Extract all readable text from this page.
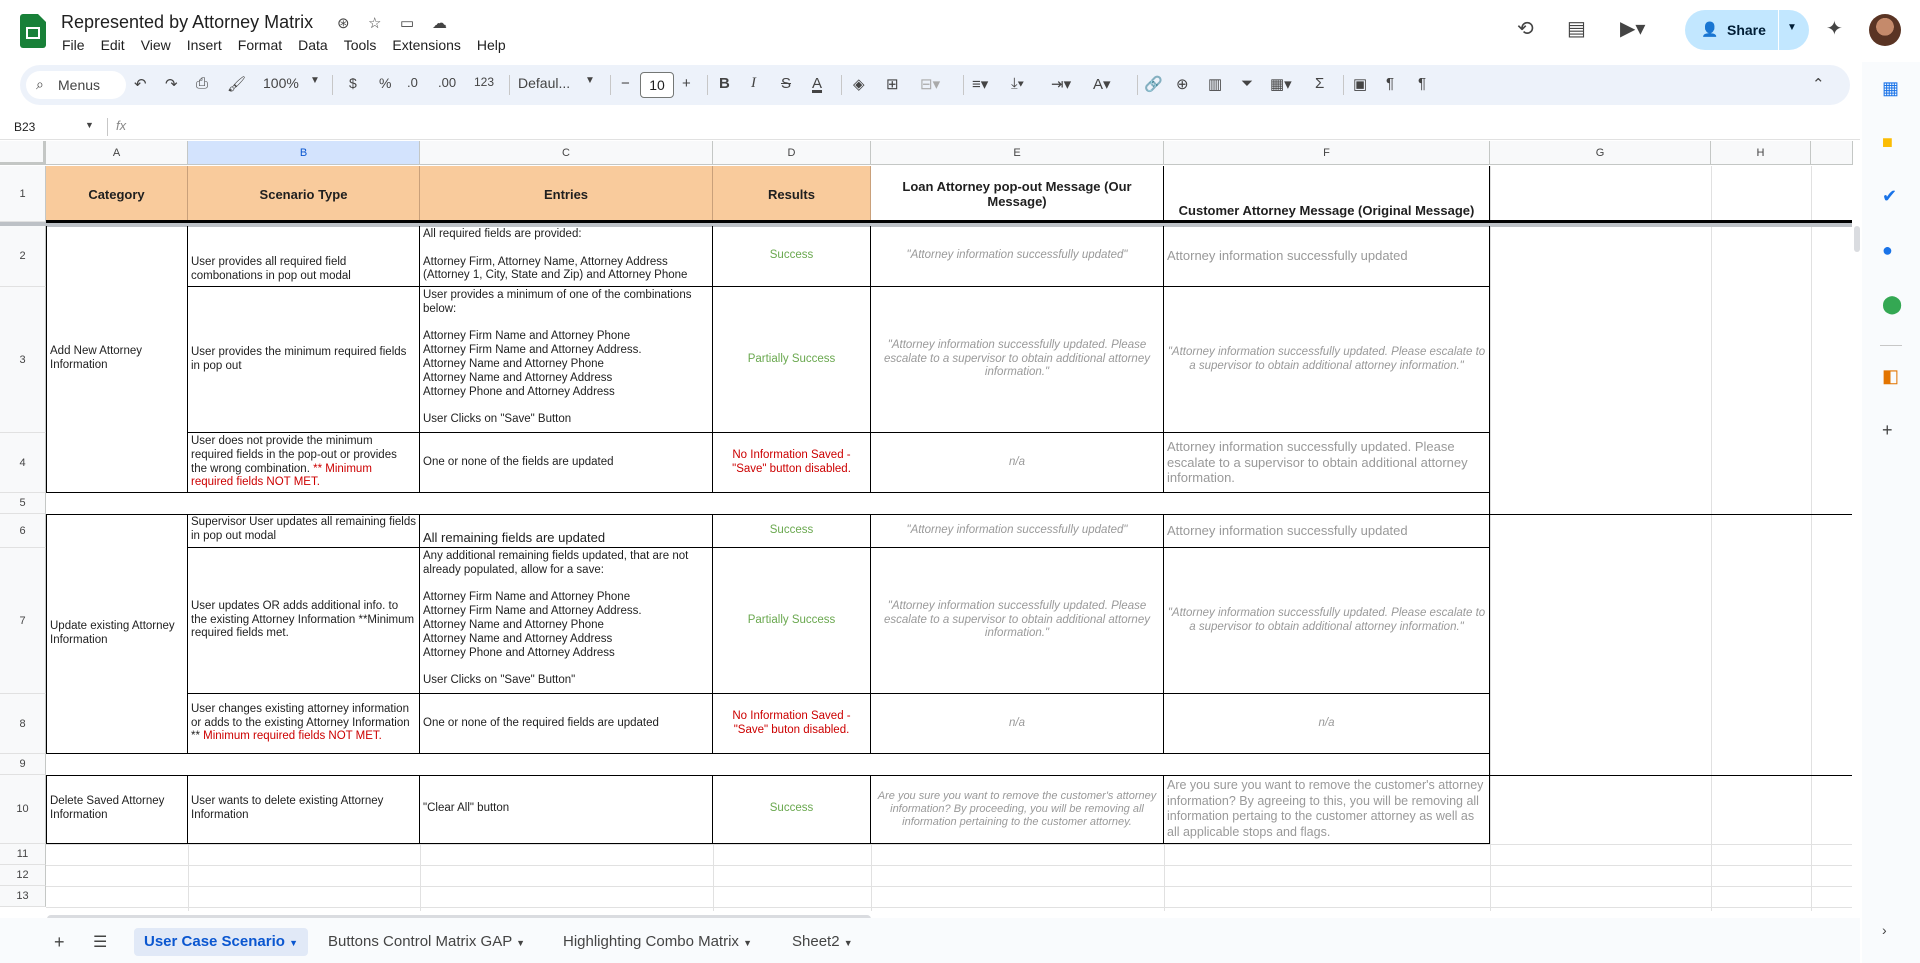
Represented by Attorney Matrix ⊛ ☆ ▭ ☁
File	Edit	View	Insert	Format	Data	Tools	Extensions	Help
⟲ ▤ ▶▾	👤 Share ▼ ✦
⌕ Menus ↶ ↷ ⎙ 🖌 100% ▼ $ % .0 .00 123 Defaul... ▼ −	10	+ B I S A ◈ ⊞ ⊟▾ ≡▾ ⤓▾ ⇥▾ A▾ 🔗 ⊕ ▥ ⏷ ▦▾ Σ ▣ ¶ ¶	⌃
B23	▼ fx
A	B	C	D	E	F	G	H
1
2
3
4
5
6
7
8
9
10
11
12
13
Category	Scenario Type	Entries	Results	Loan Attorney pop-out Message (Our Message)
Customer Attorney Message (Original Message)
Add New Attorney Information
Update existing Attorney Information
Delete Saved Attorney Information
User provides all required field combonations in pop out modal
All required fields are provided:

Attorney Firm, Attorney Name, Attorney Address (Attorney 1, City, State and Zip) and Attorney Phone
Success	"Attorney information successfully updated"	Attorney information successfully updated
User provides the minimum required fields in pop out
User provides a minimum of one of the combinations below:

Attorney Firm Name and Attorney Phone
Attorney Firm Name and Attorney Address.
Attorney Name and Attorney Phone
Attorney Name and Attorney Address
Attorney Phone and Attorney Address

User Clicks on "Save" Button
Partially Success
"Attorney information successfully updated. Please escalate to a supervisor to obtain additional attorney information."
"Attorney information successfully updated. Please escalate to a supervisor to obtain additional attorney information."
User does not provide the minimum required fields in the pop-out or provides the wrong combination. ** Minimum required fields NOT MET.
One or none of the fields are updated
No Information Saved - "Save" button disabled.
n/a
Attorney information successfully updated. Please escalate to a supervisor to obtain additional attorney information.
Supervisor User updates all remaining fields in pop out modal	All remaining fields are updated
Success	"Attorney information successfully updated"	Attorney information successfully updated
User updates OR adds additional info. to the existing Attorney Information **Minimum required fields met.
Any additional remaining fields updated, that are not already populated, allow for a save:

Attorney Firm Name and Attorney Phone
Attorney Firm Name and Attorney Address.
Attorney Name and Attorney Phone
Attorney Name and Attorney Address
Attorney Phone and Attorney Address

User Clicks on "Save" Button"
Partially Success
"Attorney information successfully updated. Please escalate to a supervisor to obtain additional attorney information."
"Attorney information successfully updated. Please escalate to a supervisor to obtain additional attorney information."
User changes existing attorney information or adds to the existing Attorney Information ** Minimum required fields NOT MET.
One or none of the required fields are updated
No Information Saved - "Save" buton disabled.
n/a	n/a
User wants to delete existing Attorney Information
"Clear All" button	Success
Are you sure you want to remove the customer's attorney information? By proceeding, you will be removing all information pertaining to the customer attorney.
Are you sure you want to remove the customer's attorney information? By agreeing to this, you will be removing all information pertaing to the customer attorney as well as all applicable stops and flags.
+ ☰	User Case Scenario ▼	Buttons Control Matrix GAP ▼	Highlighting Combo Matrix ▼	Sheet2 ▼
▦
■
✔
●
⬤
◧
+
›
